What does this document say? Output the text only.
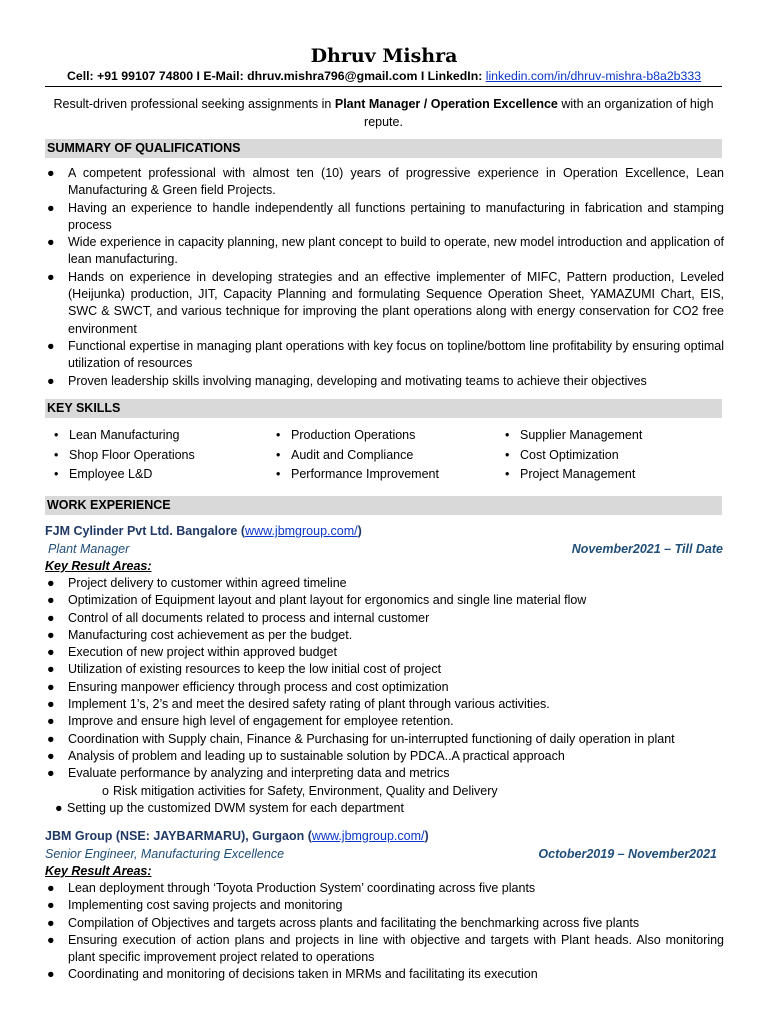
Dhruv Mishra
Cell: +91 99107 74800 I E-Mail: dhruv.mishra796@gmail.com I LinkedIn: linkedin.com/in/dhruv-mishra-b8a2b333
Result-driven professional seeking assignments in Plant Manager / Operation Excellence with an organization of high repute.
SUMMARY OF QUALIFICATIONS
● A competent professional with almost ten (10) years of progressive experience in Operation Excellence, Lean Manufacturing & Green field Projects.
● Having an experience to handle independently all functions pertaining to manufacturing in fabrication and stamping process
● Wide experience in capacity planning, new plant concept to build to operate, new model introduction and application of lean manufacturing.
● Hands on experience in developing strategies and an effective implementer of MIFC, Pattern production, Leveled (Heijunka) production, JIT, Capacity Planning and formulating Sequence Operation Sheet, YAMAZUMI Chart, EIS, SWC & SWCT, and various technique for improving the plant operations along with energy conservation for CO2 free environment
● Functional expertise in managing plant operations with key focus on topline/bottom line profitability by ensuring optimal utilization of resources
● Proven leadership skills involving managing, developing and motivating teams to achieve their objectives
KEY SKILLS
• Lean Manufacturing
• Shop Floor Operations
• Employee L&D
• Production Operations
• Audit and Compliance
• Performance Improvement
• Supplier Management
• Cost Optimization
• Project Management
WORK EXPERIENCE
FJM Cylinder Pvt Ltd. Bangalore (www.jbmgroup.com/)
Plant Manager	November2021 – Till Date
Key Result Areas:
● Project delivery to customer within agreed timeline
● Optimization of Equipment layout and plant layout for ergonomics and single line material flow
● Control of all documents related to process and internal customer
● Manufacturing cost achievement as per the budget.
● Execution of new project within approved budget
● Utilization of existing resources to keep the low initial cost of project
● Ensuring manpower efficiency through process and cost optimization
● Implement 1’s, 2’s and meet the desired safety rating of plant through various activities.
● Improve and ensure high level of engagement for employee retention.
● Coordination with Supply chain, Finance & Purchasing for un-interrupted functioning of daily operation in plant
● Analysis of problem and leading up to sustainable solution by PDCA..A practical approach
● Evaluate performance by analyzing and interpreting data and metrics
o Risk mitigation activities for Safety, Environment, Quality and Delivery
● Setting up the customized DWM system for each department
JBM Group (NSE: JAYBARMARU), Gurgaon (www.jbmgroup.com/)
Senior Engineer, Manufacturing Excellence	October2019 – November2021
Key Result Areas:
● Lean deployment through ‘Toyota Production System’ coordinating across five plants
● Implementing cost saving projects and monitoring
● Compilation of Objectives and targets across plants and facilitating the benchmarking across five plants
● Ensuring execution of action plans and projects in line with objective and targets with Plant heads. Also monitoring plant specific improvement project related to operations
● Coordinating and monitoring of decisions taken in MRMs and facilitating its execution
